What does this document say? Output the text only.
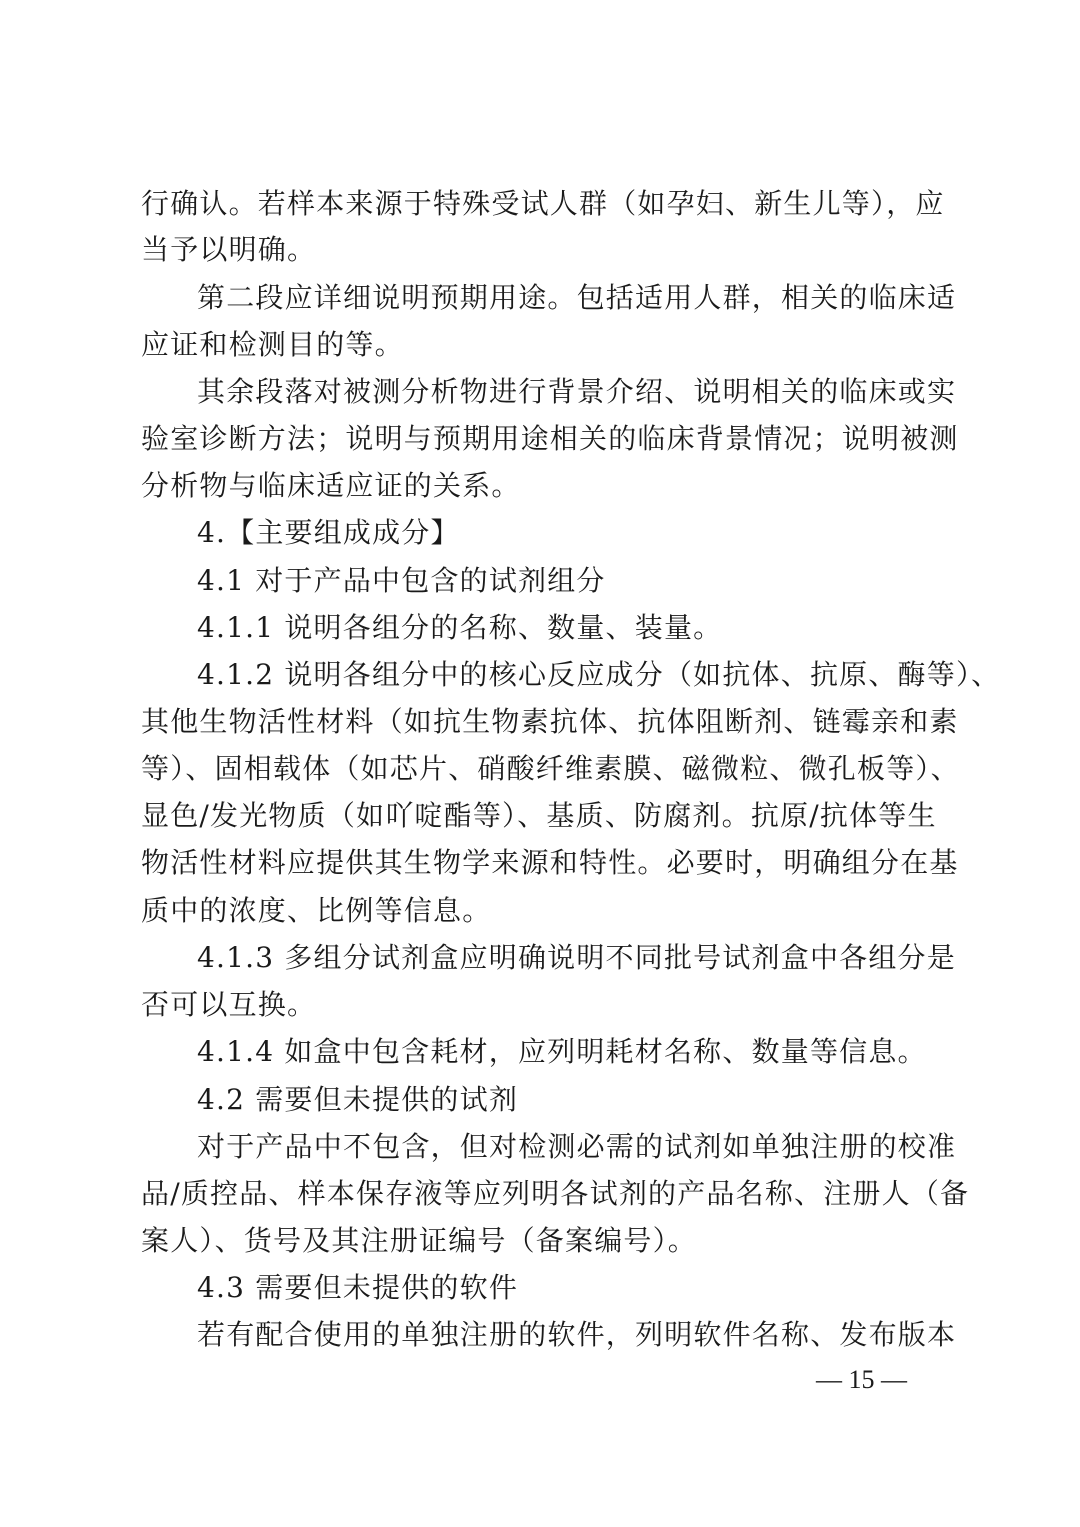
行确认。若样本来源于特殊受试人群（如孕妇、新生儿等），应
当予以明确。
第二段应详细说明预期用途。包括适用人群，相关的临床适
应证和检测目的等。
其余段落对被测分析物进行背景介绍、说明相关的临床或实
验室诊断方法；说明与预期用途相关的临床背景情况；说明被测
分析物与临床适应证的关系。
4.【主要组成成分】
4.1 对于产品中包含的试剂组分
4.1.1 说明各组分的名称、数量、装量。
4.1.2 说明各组分中的核心反应成分（如抗体、抗原、酶等）、
其他生物活性材料（如抗生物素抗体、抗体阻断剂、链霉亲和素
等）、固相载体（如芯片、硝酸纤维素膜、磁微粒、微孔板等）、
显色/发光物质（如吖啶酯等）、基质、防腐剂。抗原/抗体等生
物活性材料应提供其生物学来源和特性。必要时，明确组分在基
质中的浓度、比例等信息。
4.1.3 多组分试剂盒应明确说明不同批号试剂盒中各组分是
否可以互换。
4.1.4 如盒中包含耗材，应列明耗材名称、数量等信息。
4.2 需要但未提供的试剂
对于产品中不包含，但对检测必需的试剂如单独注册的校准
品/质控品、样本保存液等应列明各试剂的产品名称、注册人（备
案人）、货号及其注册证编号（备案编号）。
4.3 需要但未提供的软件
若有配合使用的单独注册的软件，列明软件名称、发布版本
— 15 —
